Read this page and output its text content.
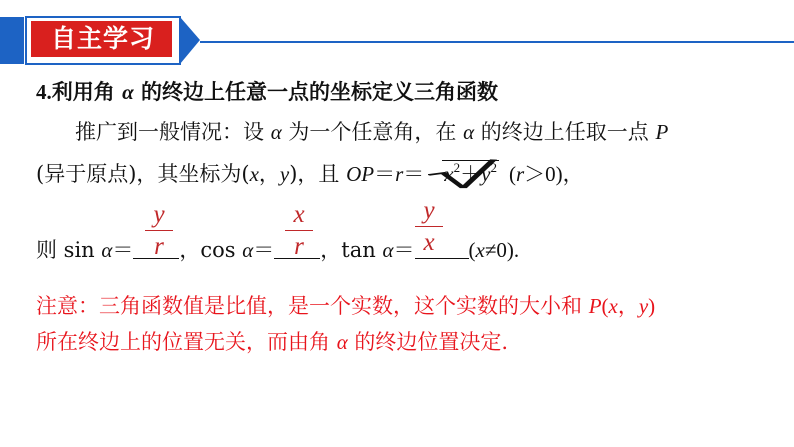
自主学习
4.利用角 α 的终边上任意一点的坐标定义三角函数
推广到一般情况：设 α 为一个任意角，在 α 的终边上任取一点 P
(异于原点)，其坐标为(x，y)，且 $OP=r= x^2+y^2$ (r＞0)，
y
r
x
r
y
x
则 sin α＝ ，cos α＝ ，tan α＝	(x≠0).
注意：三角函数值是比值，是一个实数，这个实数的大小和 P(x，y)
所在终边上的位置无关，而由角 α 的终边位置决定.
